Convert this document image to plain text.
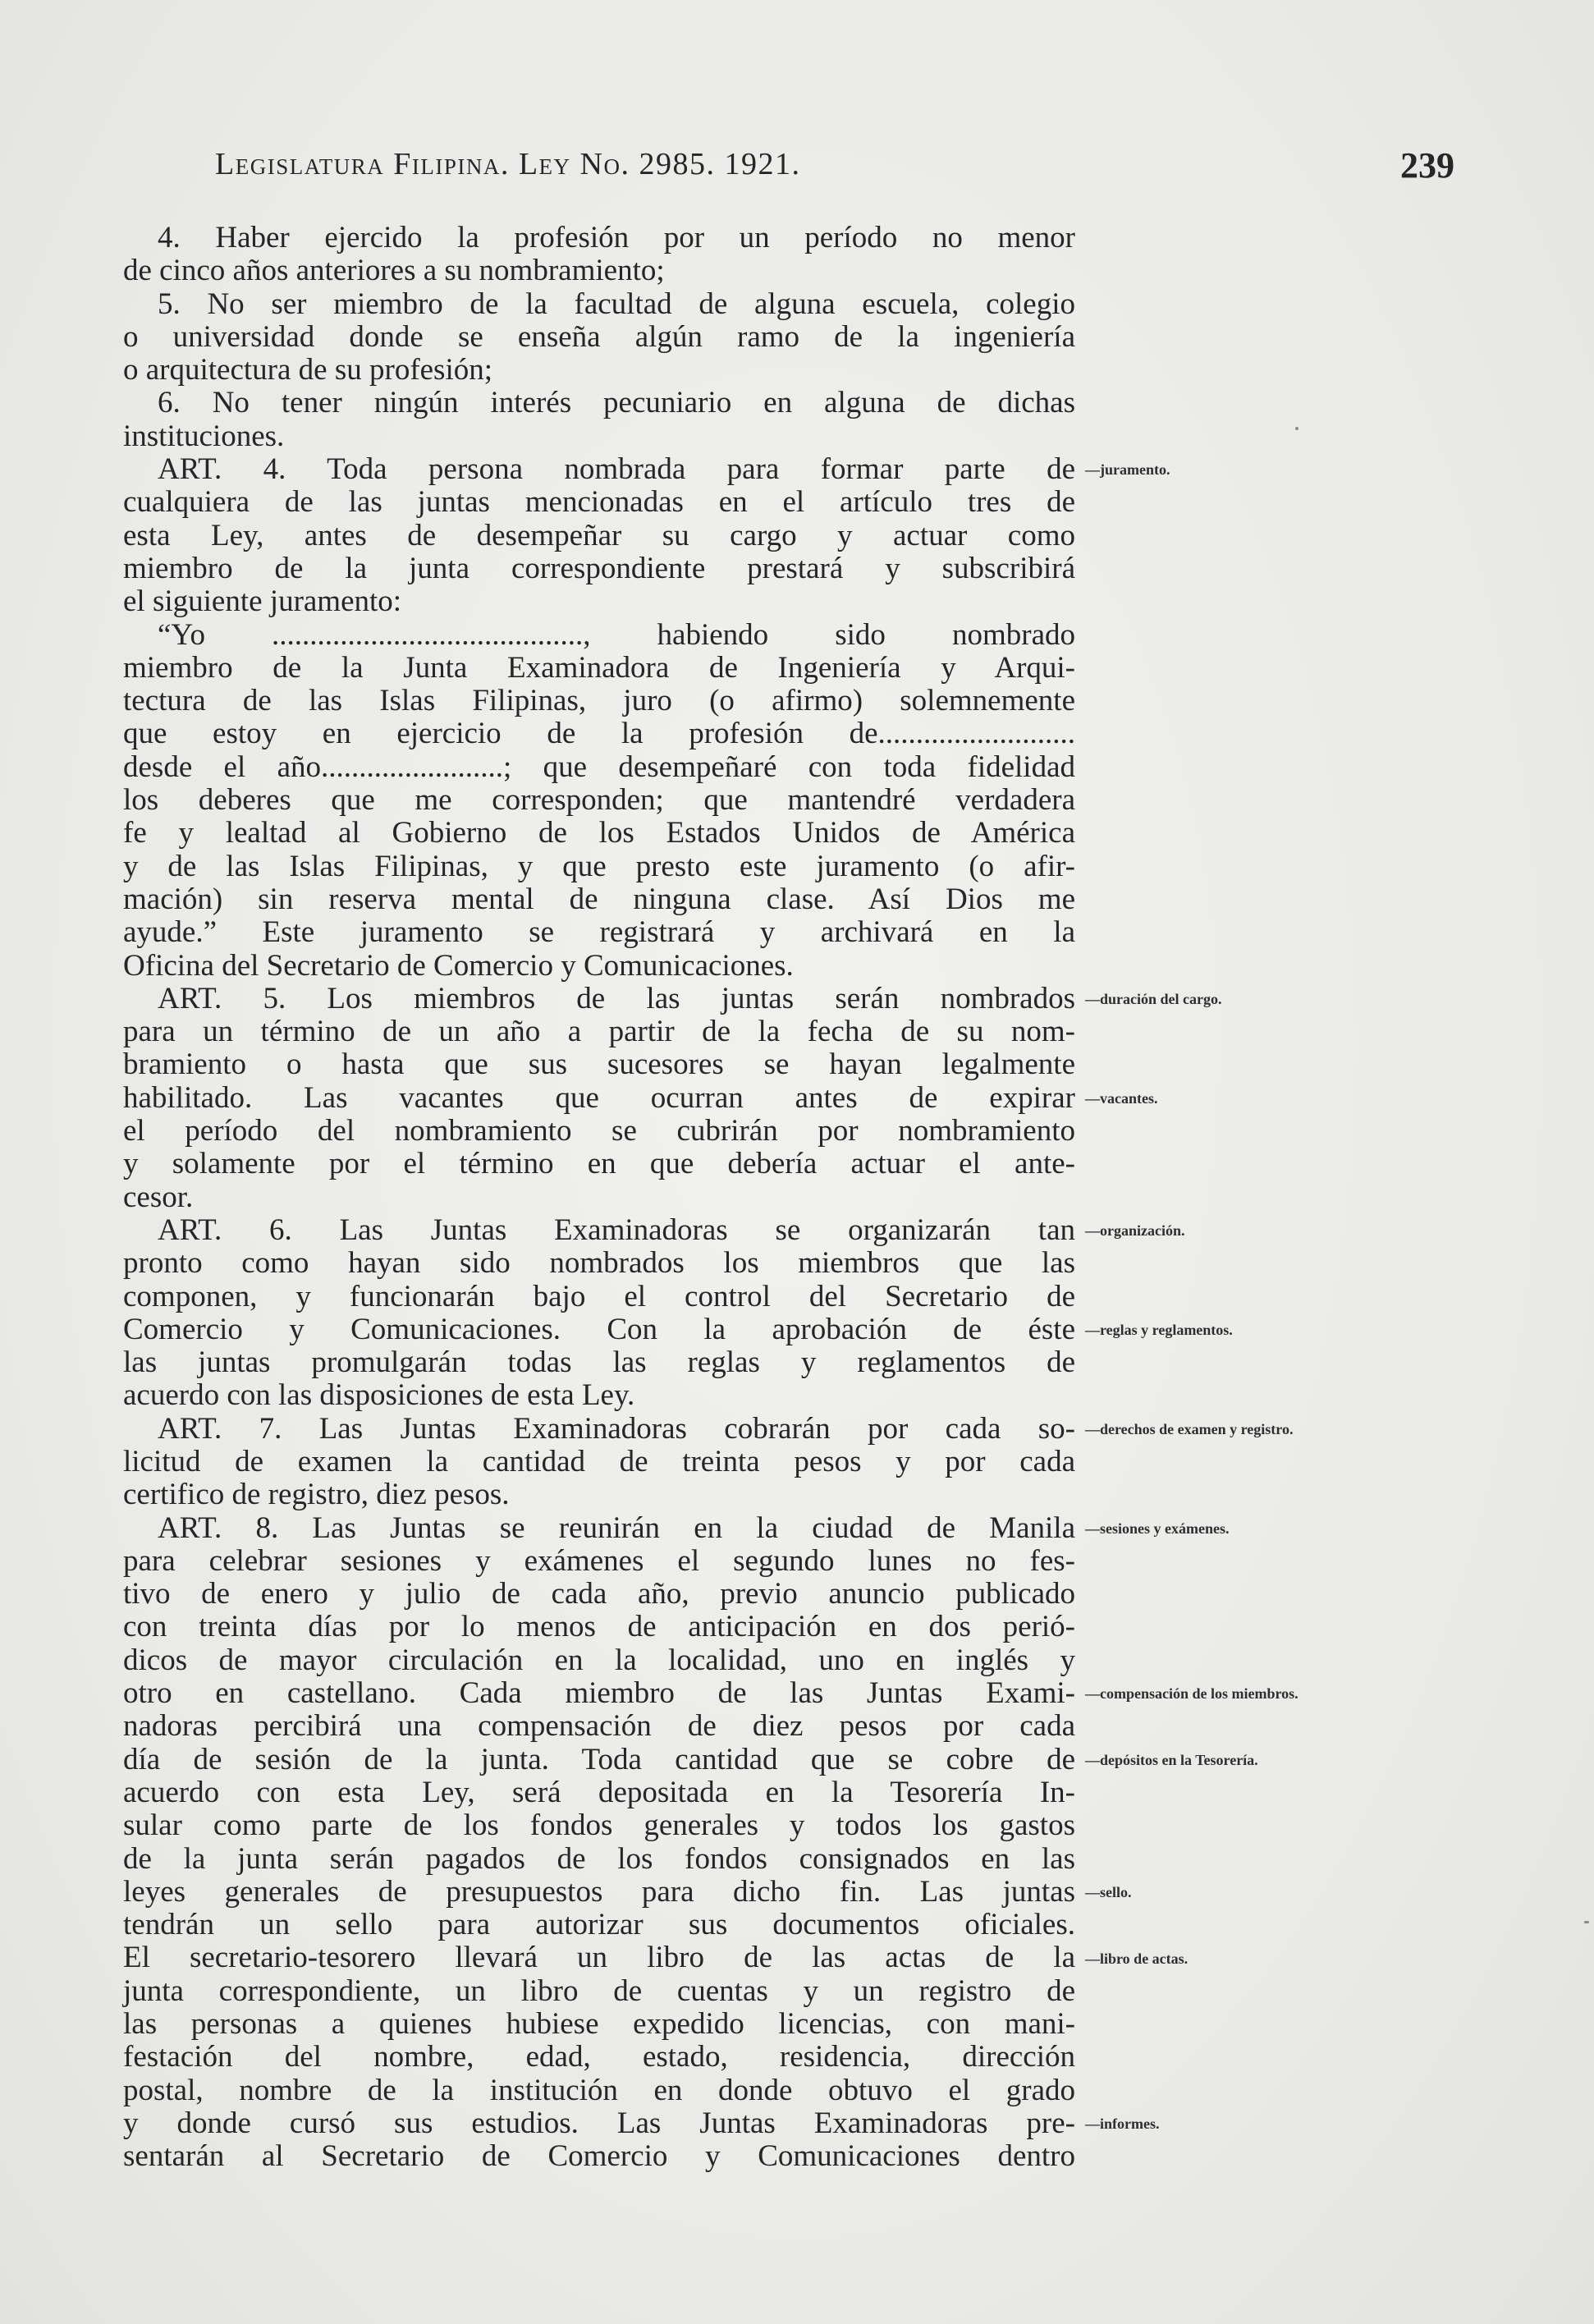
Legislatura Filipina. Ley No. 2985. 1921.	239
4. Haber ejercido la profesión por un período no menor
de cinco años anteriores a su nombramiento;
5. No ser miembro de la facultad de alguna escuela, colegio
o universidad donde se enseña algún ramo de la ingeniería
o arquitectura de su profesión;
6. No tener ningún interés pecuniario en alguna de dichas
instituciones.
ART. 4. Toda persona nombrada para formar parte de
cualquiera de las juntas mencionadas en el artículo tres de
esta Ley, antes de desempeñar su cargo y actuar como
miembro de la junta correspondiente prestará y subscribirá
el siguiente juramento:
“Yo ........................................., habiendo sido nombrado
miembro de la Junta Examinadora de Ingeniería y Arqui-
tectura de las Islas Filipinas, juro (o afirmo) solemnemente
que estoy en ejercicio de la profesión de..........................
desde el año........................; que desempeñaré con toda fidelidad
los deberes que me corresponden; que mantendré verdadera
fe y lealtad al Gobierno de los Estados Unidos de América
y de las Islas Filipinas, y que presto este juramento (o afir-
mación) sin reserva mental de ninguna clase. Así Dios me
ayude.” Este juramento se registrará y archivará en la
Oficina del Secretario de Comercio y Comunicaciones.
ART. 5. Los miembros de las juntas serán nombrados
para un término de un año a partir de la fecha de su nom-
bramiento o hasta que sus sucesores se hayan legalmente
habilitado. Las vacantes que ocurran antes de expirar
el período del nombramiento se cubrirán por nombramiento
y solamente por el término en que debería actuar el ante-
cesor.
ART. 6. Las Juntas Examinadoras se organizarán tan
pronto como hayan sido nombrados los miembros que las
componen, y funcionarán bajo el control del Secretario de
Comercio y Comunicaciones. Con la aprobación de éste
las juntas promulgarán todas las reglas y reglamentos de
acuerdo con las disposiciones de esta Ley.
ART. 7. Las Juntas Examinadoras cobrarán por cada so-
licitud de examen la cantidad de treinta pesos y por cada
certifico de registro, diez pesos.
ART. 8. Las Juntas se reunirán en la ciudad de Manila
para celebrar sesiones y exámenes el segundo lunes no fes-
tivo de enero y julio de cada año, previo anuncio publicado
con treinta días por lo menos de anticipación en dos perió-
dicos de mayor circulación en la localidad, uno en inglés y
otro en castellano. Cada miembro de las Juntas Exami-
nadoras percibirá una compensación de diez pesos por cada
día de sesión de la junta. Toda cantidad que se cobre de
acuerdo con esta Ley, será depositada en la Tesorería In-
sular como parte de los fondos generales y todos los gastos
de la junta serán pagados de los fondos consignados en las
leyes generales de presupuestos para dicho fin. Las juntas
tendrán un sello para autorizar sus documentos oficiales.
El secretario-tesorero llevará un libro de las actas de la
junta correspondiente, un libro de cuentas y un registro de
las personas a quienes hubiese expedido licencias, con mani-
festación del nombre, edad, estado, residencia, dirección
postal, nombre de la institución en donde obtuvo el grado
y donde cursó sus estudios. Las Juntas Examinadoras pre-
sentarán al Secretario de Comercio y Comunicaciones dentro
—juramento.
—duración del cargo.
—vacantes.
—organización.
—reglas y reglamentos.
—derechos de examen y registro.
—sesiones y exámenes.
—compensación de los miembros.
—depósitos en la Tesorería.
—sello.
—libro de actas.
—informes.
